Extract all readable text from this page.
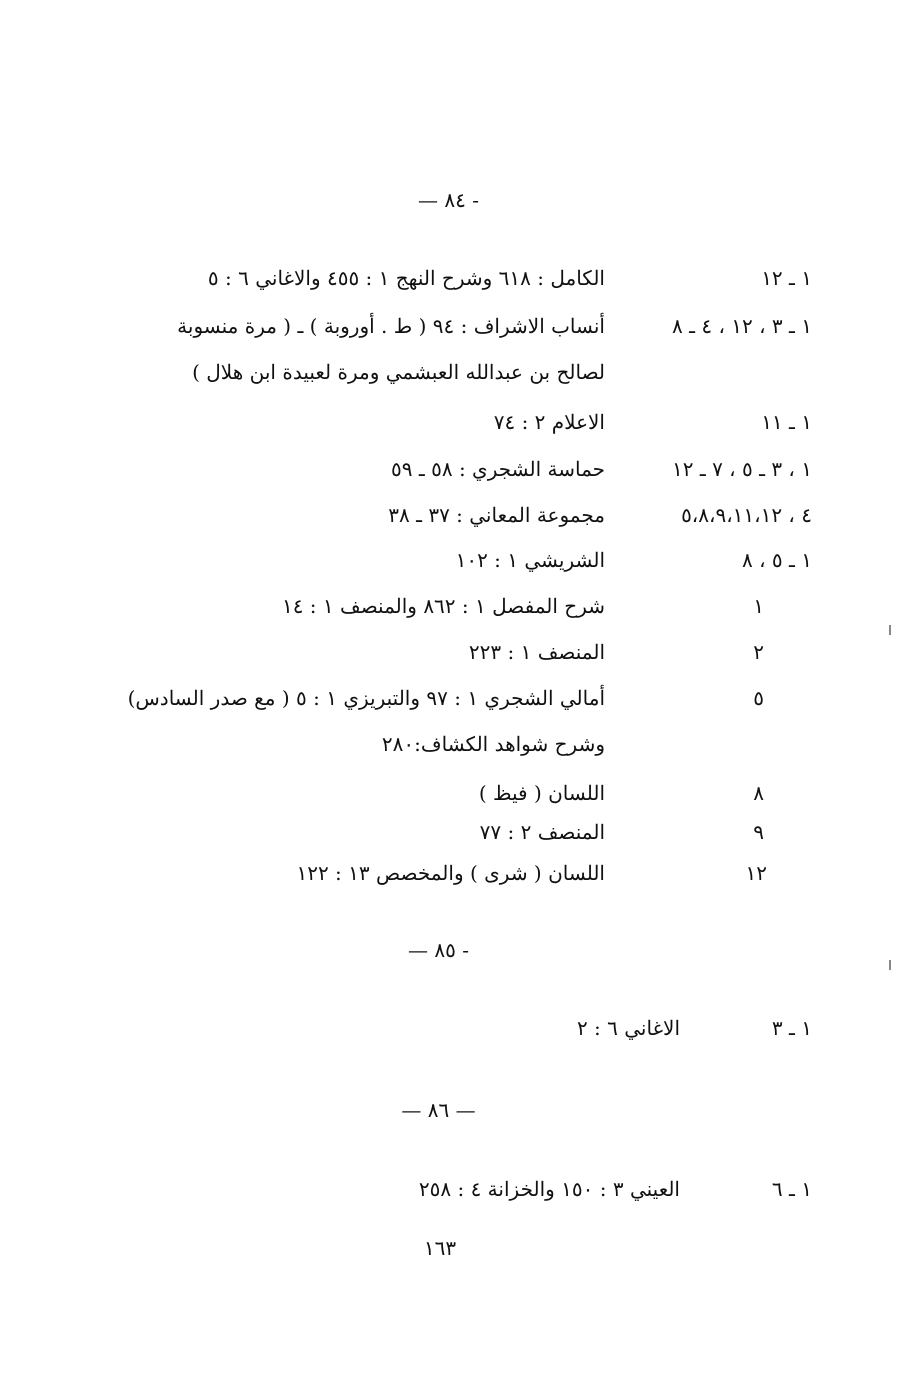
— ٨٤ -
١ ـ ١٢
الكامل : ٦١٨ وشرح النهج ١ : ٤٥٥ والاغاني ٦ : ٥
١ ـ ٣ ، ١٢ ، ٤ ـ ٨
أنساب الاشراف : ٩٤ ( ط . أوروبة ) ـ ( مرة منسوبة
لصالح بن عبدالله العبشمي ومرة لعبيدة ابن هلال )
١ ـ ١١
الاعلام ٢ : ٧٤
١ ، ٣ ـ ٥ ، ٧ ـ ١٢
حماسة الشجري : ٥٨ ـ ٥٩
٤ ، ٥،٨،٩،١١،١٢
مجموعة المعاني : ٣٧ ـ ٣٨
١ ـ ٥ ، ٨
الشريشي ١ : ١٠٢
١
شرح المفصل ١ : ٨٦٢ والمنصف ١ : ١٤
٢
المنصف ١ : ٢٢٣
٥
أمالي الشجري ١ : ٩٧ والتبريزي ١ : ٥ ( مع صدر السادس)
وشرح شواهد الكشاف:٢٨٠
٨
اللسان ( فيظ )
٩
المنصف ٢ : ٧٧
١٢
اللسان ( شرى ) والمخصص ١٣ : ١٢٢
— ٨٥ -
١ ـ ٣
الاغاني ٦ : ٢
— ٨٦ —
١ ـ ٦
العيني ٣ : ١٥٠ والخزانة ٤ : ٢٥٨
١٦٣
